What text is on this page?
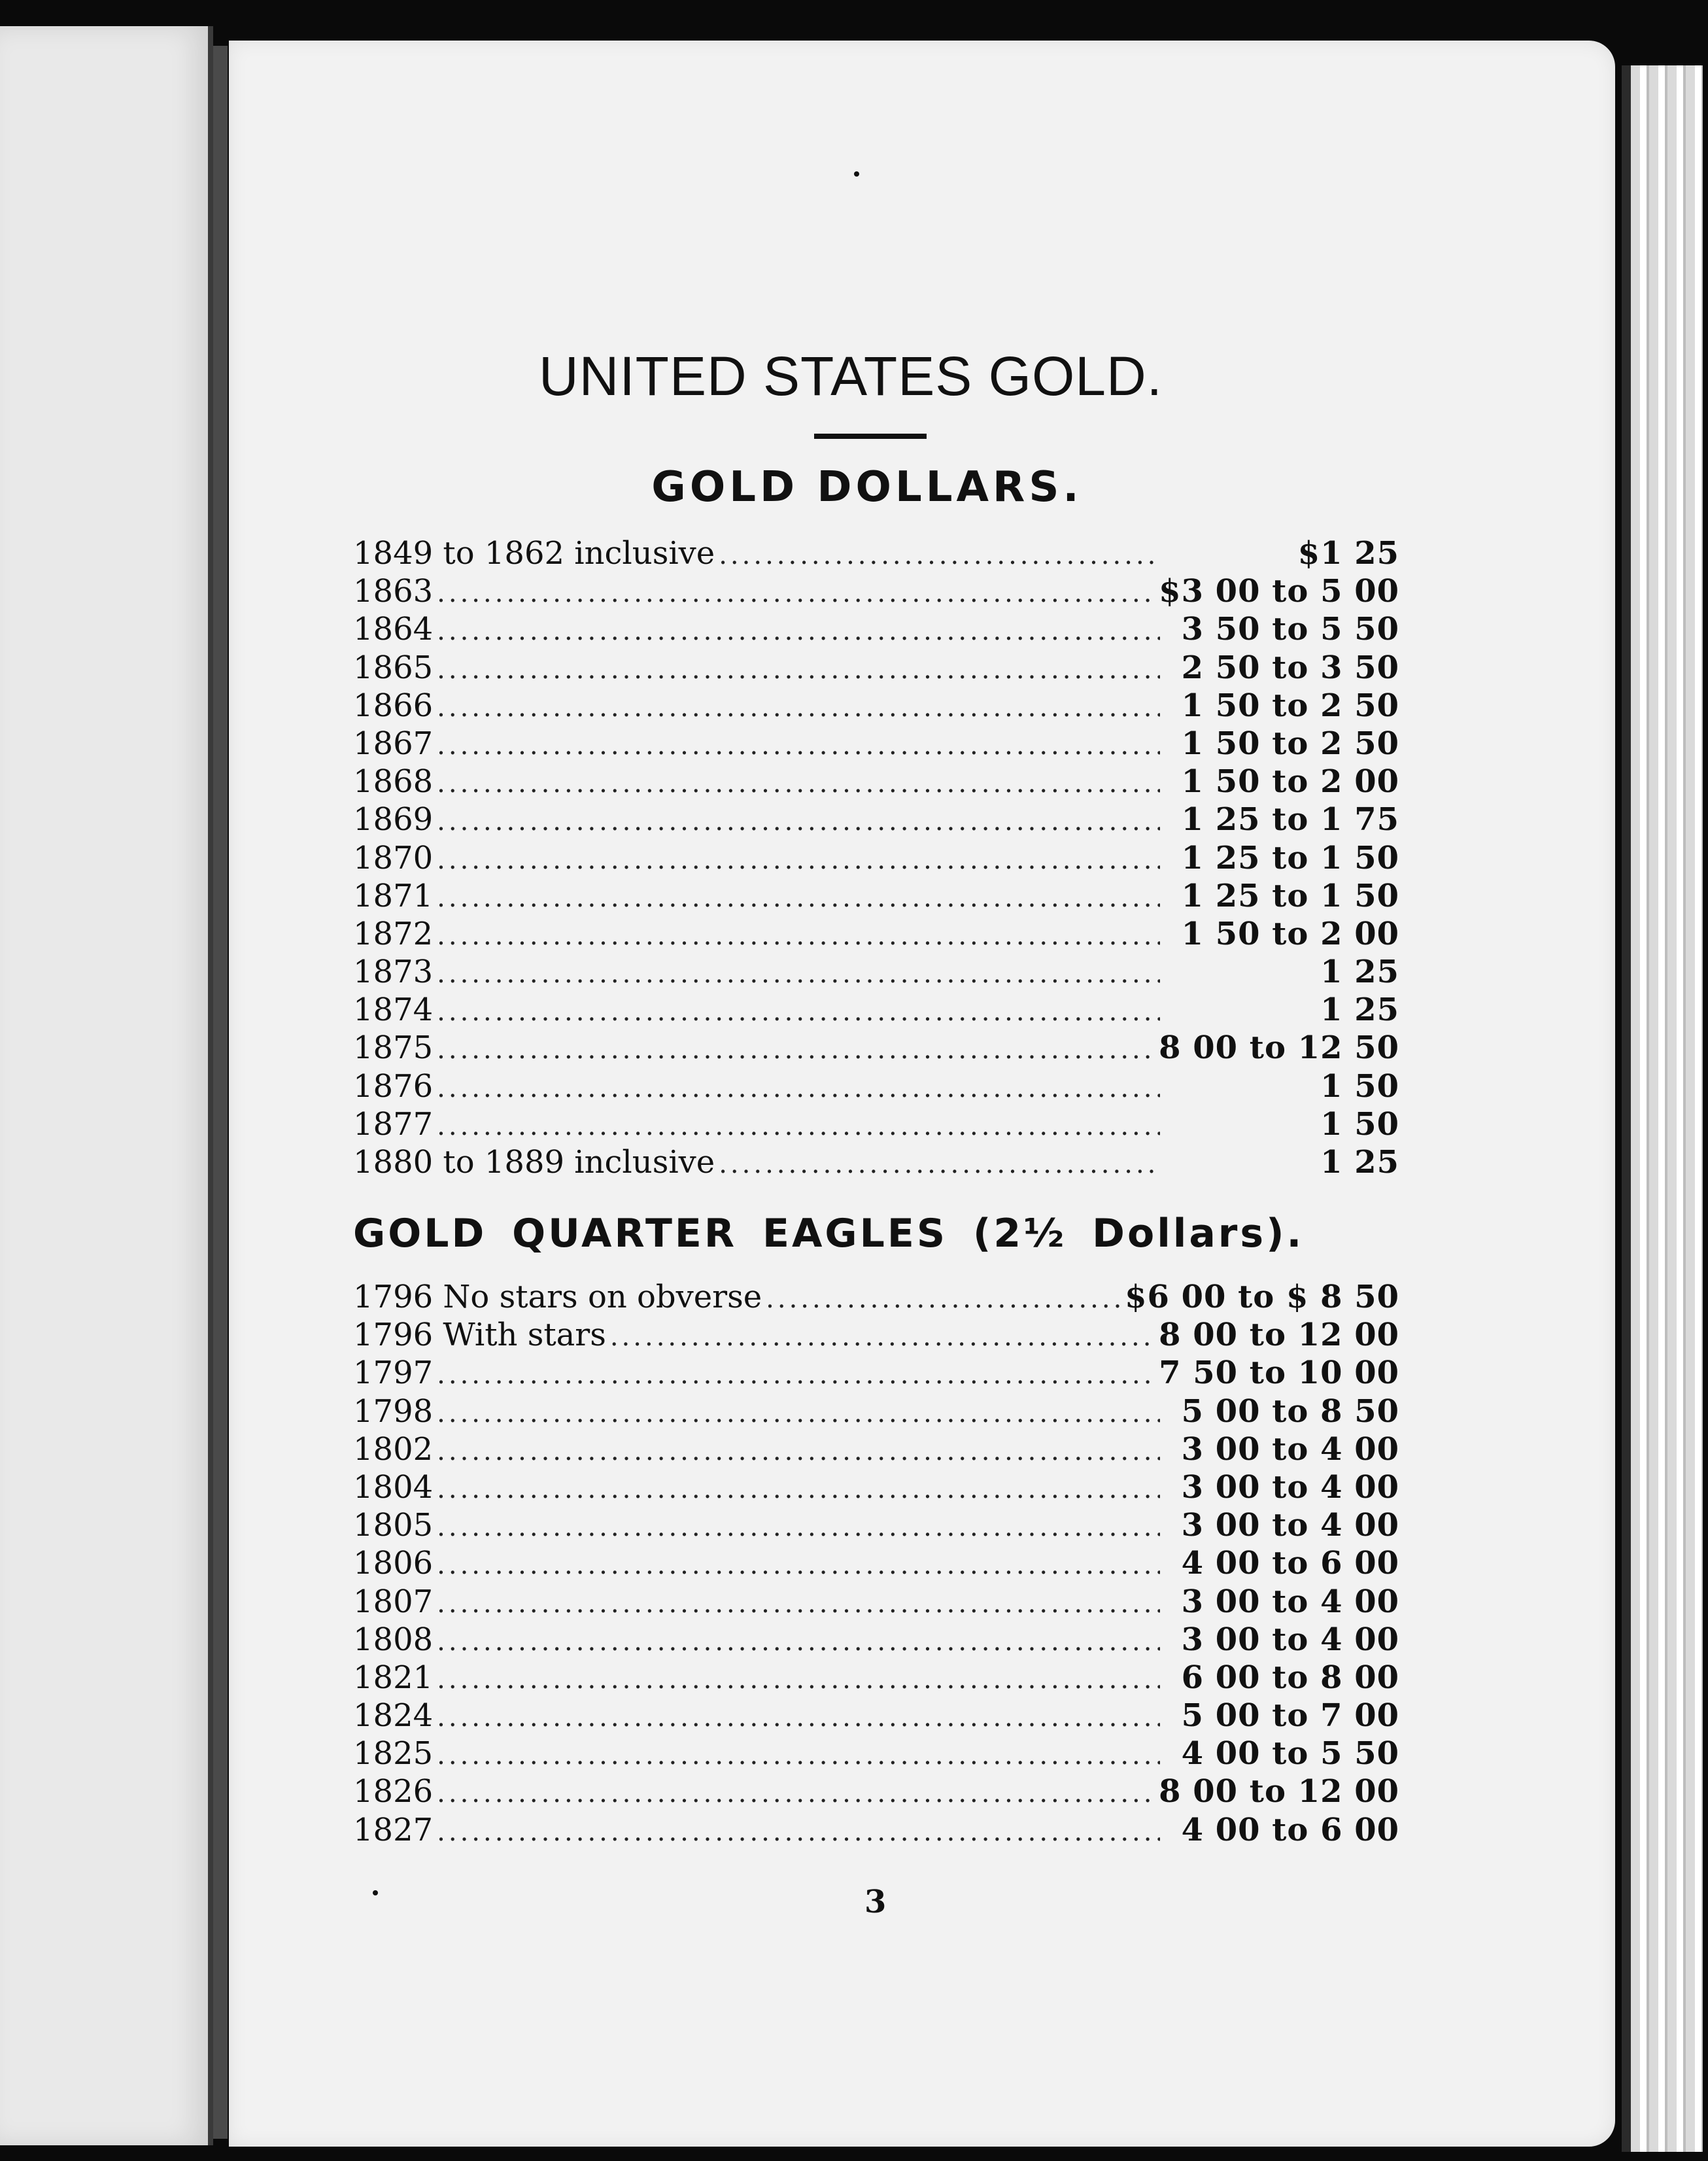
UNITED STATES GOLD.
GOLD DOLLARS.
1849 to 1862 inclusive .....	$1 25
1863 .....	$3 00 to 5 00
1864 .....	3 50 to 5 50
1865 .....	2 50 to 3 50
1866 .....	1 50 to 2 50
1867 .....	1 50 to 2 50
1868 .....	1 50 to 2 00
1869 .....	1 25 to 1 75
1870 .....	1 25 to 1 50
1871 .....	1 25 to 1 50
1872 .....	1 50 to 2 00
1873 .....	1 25
1874 .....	1 25
1875 .....	8 00 to 12 50
1876 .....	1 50
1877 .....	1 50
1880 to 1889 inclusive .....	1 25
GOLD QUARTER EAGLES (2½ Dollars).
1796 No stars on obverse .....	$6 00 to $ 8 50
1796 With stars .....	8 00 to 12 00
1797 .....	7 50 to 10 00
1798 .....	5 00 to 8 50
1802 .....	3 00 to 4 00
1804 .....	3 00 to 4 00
1805 .....	3 00 to 4 00
1806 .....	4 00 to 6 00
1807 .....	3 00 to 4 00
1808 .....	3 00 to 4 00
1821 .....	6 00 to 8 00
1824 .....	5 00 to 7 00
1825 .....	4 00 to 5 50
1826 .....	8 00 to 12 00
1827 .....	4 00 to 6 00

3
